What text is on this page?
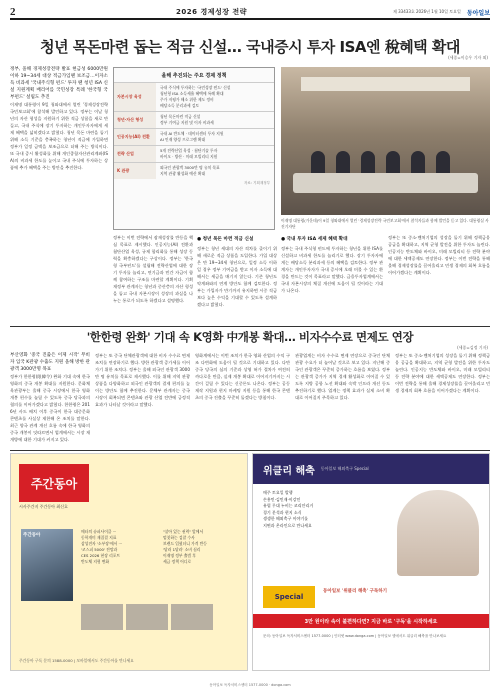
2	2026 경제성장 전략	제 33433호 2026년 1월 10일 토요일 동아일보
청년 목돈마련 돕는 적금 신설… 국내증시 투자 ISA엔 稅혜택 확대
(세종=이승우 기자 외)

정부, 올해 경제성장전략 발표 현금성 6000만원 이하 19~34세 대상 적금가입땐 보조금…이자소득 비과세 '국내주식형 펀드' 투자 땐 청년 ISA 신설 지원계획 배리어를 국민성장 특례 '한국형 국부펀드' 설립도 추진

이재명 대통령이 9일 청와대에서 열린 '경제성장전략 국민보고회'에 참석해 발언하고 있다. 정부는 이날 청년의 자산 형성을 지원하기 위한 적금 상품을 새로 만들고, 국내 주식에 장기 투자하는 개인투자자에게 세제 혜택을 넓히겠다고 밝혔다. 청년 목돈 마련을 돕기 위해 소득 기준을 충족하는 청년이 적금에 가입하면 정부가 일정 금액을 보조금으로 더해 주는 방식이다. 또 국내 증시 활성화를 위해 개인종합자산관리계좌(ISA)의 비과세 한도를 높이고 국내 주식에 투자하는 상품에 추가 혜택을 주는 방안을 추진한다.

올해 추진되는 주요 경제 정책
자본시장 육성
국내 주식에 투자하는 '국민성장 펀드' 신설
청년형 ISA 소득세율 혜택에 특례 확대
주가 저평가 해소 위한 제도 정비
배당소득 분리과세 검토
청년·자산 형성
청년 목돈마련 적금 신설
정부 기여금 지원 및 이자 비과세
인공지능(AI) 전환
국내 AI 반도체 · 데이터센터 투자 지원
AI 인재 양성 프로그램 확대
전략 산업
5개 전략산업 육성 · 첨단기술 투자
바이오 · 방산 · 미래 모빌리티 지원
K 관광
외국인 관광객 3000만 명 유치 목표
지역 관광 활성화 예산 확대
자료: 기획재정부
이재명 대통령(가운데)이 9일 청와대에서 열린 '경제성장전략 국민보고회'에서 참석자들과 함께 발언을 듣고 있다. 대통령실 사진기자단

정부는 이번 전략에서 잠재성장률 반등을 핵심 목표로 제시했다. 인공지능(AI) 전환과 첨단산업 육성, 규제 합리화를 통해 성장 동력을 확충하겠다는 구상이다. 정부는 '한국형 국부펀드'를 설립해 전략산업에 대한 장기 투자를 늘리고, 연기금과 민간 자금이 함께 참여하는 구조를 마련할 계획이다. 기획재정부 관계자는 청년과 중산층의 자산 형성을 돕고 국내 자본시장이 성장의 과실을 나누는 통로가 되도록 하겠다고 설명했다.

● 청년 목돈 마련 적금 신설

정부는 청년 세대의 자산 격차를 줄이기 위해 새로운 적금 상품을 도입한다. 가입 대상은 만 19~34세 청년으로, 일정 소득 이하일 경우 정부 기여금을 받고 이자 소득에 대해서는 세금을 매기지 않는다. 기존 청년도약계좌와의 연계 방안도 함께 검토한다. 정부는 가입자가 만기까지 유지하면 시중 적금보다 높은 수익을 기대할 수 있도록 설계하겠다고 밝혔다.

● 국내 투자 ISA 세제 혜택 확대

정부는 국내 주식형 펀드에 투자하는 청년을 위한 ISA를 신설하고 비과세 한도를 늘리기로 했다. 장기 투자자에게는 배당소득 분리과세 등의 혜택을 검토한다. 정부 관계자는 개인투자자가 국내 증시에 오래 머물 수 있는 환경을 만드는 것이 목표라고 말했다. 금융투자업계에서는 국내 자본시장의 체질 개선에 도움이 될 것이라는 기대가 나온다.

정부는 또 중소·벤처기업의 성장을 돕기 위해 정책금융 공급을 확대하고, 지역 균형 발전을 위한 투자도 늘린다. 인공지능 반도체와 바이오, 미래 모빌리티 등 전략 분야에 대한 세액공제도 연장한다. 정부는 이번 전략을 통해 올해 경제성장률을 끌어올리고 민생 경제의 회복 흐름을 이어가겠다는 계획이다.

'한한령 완화' 기대 속 K영화 中개봉 확대… 비자수수료 면제도 연장
(세종=김정 기자)

부산영화 '중국 진출은 이제 시작' 무비자 입국 K관광 수출도 지원 올해 방한 관광객 3000만명 목표

정부가 한한령(限韓令) 완화 기대 속에 한국 영화의 중국 개봉 확대를 지원한다. 문화체육관광부는 올해 중국 시장에서 한국 영화 개봉 편수를 늘릴 수 있도록 중국 당국과의 협의를 이어가겠다고 밝혔다. 한한령은 2016년 사드 배치 이후 중국이 한국 대중문화 콘텐츠를 사실상 제한해 온 조치를 말한다. 최근 양국 관계 개선 흐름 속에 한국 영화의 중국 개봉이 잇따르면서 업계에서는 시장 재개방에 대한 기대가 커지고 있다.

정부는 또 중국 단체관광객에 대한 비자 수수료 면제 조치를 연장하기로 했다. 방한 관광객 증가세를 이어가기 위한 조치다. 정부는 올해 외국인 관광객 3000만 명 유치를 목표로 제시했다. 이를 위해 지역 관광 상품을 다양화하고 외국인 관광객의 결제 편의를 높이는 방안도 함께 추진한다. 문체부 관계자는 중국 시장이 회복되면 콘텐츠와 관광 산업 전반에 긍정적 효과가 나타날 것이라고 말했다.

영화계에서는 이번 조치가 한국 영화 산업의 수익 구조 다변화에 도움이 될 것으로 기대하고 있다. 다만 중국 당국의 심의 기준과 상영 허가 절차가 여전히 까다로운 만큼, 실제 개봉 확대로 이어지기까지는 시간이 걸릴 수 있다는 신중론도 나온다. 정부는 공동제작 지원과 현지 마케팅 지원 등을 통해 한국 콘텐츠의 중국 진출을 꾸준히 돕겠다는 방침이다.

관광업계는 비자 수수료 면제 연장으로 중국인 단체 관광 수요가 더 늘어날 것으로 보고 있다. 지난해 중국인 관광객은 꾸준히 증가하는 흐름을 보였다. 정부는 관광객 증가가 지역 경제 활성화로 이어질 수 있도록 지방 공항 노선 확대와 숙박 인프라 개선 등도 추진하기로 했다. 업계는 정책 효과가 실제 소비 확대로 이어질지 주목하고 있다.

정부는 또 중소·벤처기업의 성장을 돕기 위해 정책금융 공급을 확대하고, 지역 균형 발전을 위한 투자도 늘린다. 인공지능 반도체와 바이오, 미래 모빌리티 등 전략 분야에 대한 세액공제도 연장한다. 정부는 이번 전략을 통해 올해 경제성장률을 끌어올리고 민생 경제의 회복 흐름을 이어가겠다는 계획이다.

주간동아
시사주간지 주간동아 최신호
주간동아
메타의 슈퍼사이클 ···
동학개미 재집결 지표
삼성전자 '소부장'에서 ···
'코스피 5000' 전망과
CES 2026 현장 리포트
반도체 지형 변화
"살아 있는 권력" 앞에서
멈칫하는 검찰 수사
브랜드 입혔더니 가격 반등
'달러 1달러' 소비 심리
이재명 정부 출범 후
세금 정책 어디로
주간동아 구독 문의 1588-0000 | 모바일에서도 주간동아를 만나세요
위클리 해축 동아일보 해외축구 Special
매주 토요일 발행
손흥민·김민재·이강인
유럽 무대 누비는 코리안리거
경기 분석과 현지 소식
생생한 해외축구 이야기를
지면과 온라인으로 만나세요
Special
동아일보 '위클리 해축' 구독하기
3만 원이라 속이 불편하다면? 지금 바로 '구독'을 시작하세요
문의: 동아일보 독자서비스센터 1577-0000 | 인터넷 www.donga.com | 동아일보 앱에서도 위클리 해축을 만나보세요
동아일보 독자서비스센터 1577-0000 · donga.com
